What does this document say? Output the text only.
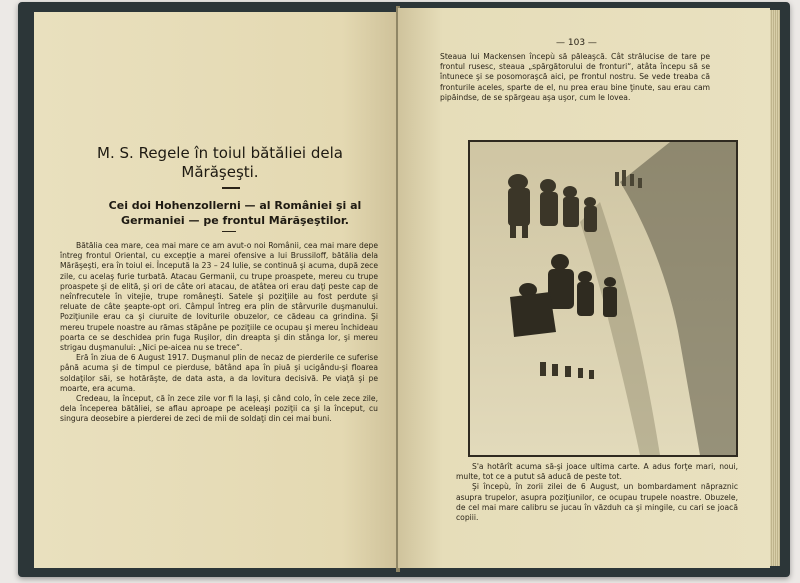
M. S. Regele în toiul bătăliei dela
Mărăşeşti.
Cei doi Hohenzollerni — al României şi al
Germaniei — pe frontul Mărăşeştilor.

Bătălia cea mare, cea mai mare ce am avut-o noi Românii, cea mai mare depe întreg frontul Oriental, cu excepţie a marei ofensive a lui Brussiloff, bătălia dela Mărăşeşti, era în toiul ei. Începută la 23 – 24 Iulie, se continuă şi acuma, după zece zile, cu acelaş furie turbată. Atacau Germanii, cu trupe proaspete, mereu cu trupe proaspete şi de elită, şi ori de câte ori atacau, de atâtea ori erau daţi peste cap de neînfrecutele în vitejie, trupe româneşti. Satele şi poziţiile au fost perdute şi reluate de câte şeapte-opt ori. Câmpul întreg era plin de stârvurile duşmanului. Poziţiunile erau ca şi ciuruite de loviturile obuzelor, ce cădeau ca grindina. Şi mereu trupele noastre au rămas stăpâne pe poziţiile ce ocupau şi mereu închideau poarta ce se deschidea prin fuga Ruşilor, din dreapta şi din stânga lor, şi mereu strigau duşmanului: „Nici pe-aicea nu se trece“.

Eră în ziua de 6 August 1917. Duşmanul plin de necaz de pierderile ce suferise până acuma şi de timpul ce pierduse, bătând apa în piuă şi ucigându-şi floarea soldaţilor săi, se hotărăşte, de data asta, a da lovitura decisivă. Pe viaţă şi pe moarte, era acuma.

Credeau, la început, că în zece zile vor fi la Iaşi, şi când colo, în cele zece zile, dela începerea bătăliei, se aflau aproape pe aceleaşi poziţii ca şi la început, cu singura deosebire a pierderei de zeci de mii de soldaţi din cei mai buni.

— 103 —

Steaua lui Mackensen începù să păleaşcă. Cât strălucise de tare pe frontul rusesc, steaua „spărgătorului de fronturi“, atâta începu să se întunece şi se posomoraşcă aici, pe frontul nostru. Se vede treaba că fronturile aceles, sparte de el, nu prea erau bine ţinute, sau erau cam pipăindse, de se spărgeau aşa uşor, cum le lovea.

S'a hotărît acuma să-şi joace ultima carte. A adus forţe mari, noui, multe, tot ce a putut să aducă de peste tot.

Şi începù, în zorii zilei de 6 August, un bombardament năpraznic asupra trupelor, asupra poziţiunilor, ce ocupau trupele noastre. Obuzele, de cel mai mare calibru se jucau în văzduh ca şi mingile, cu cari se joacă copiii.
